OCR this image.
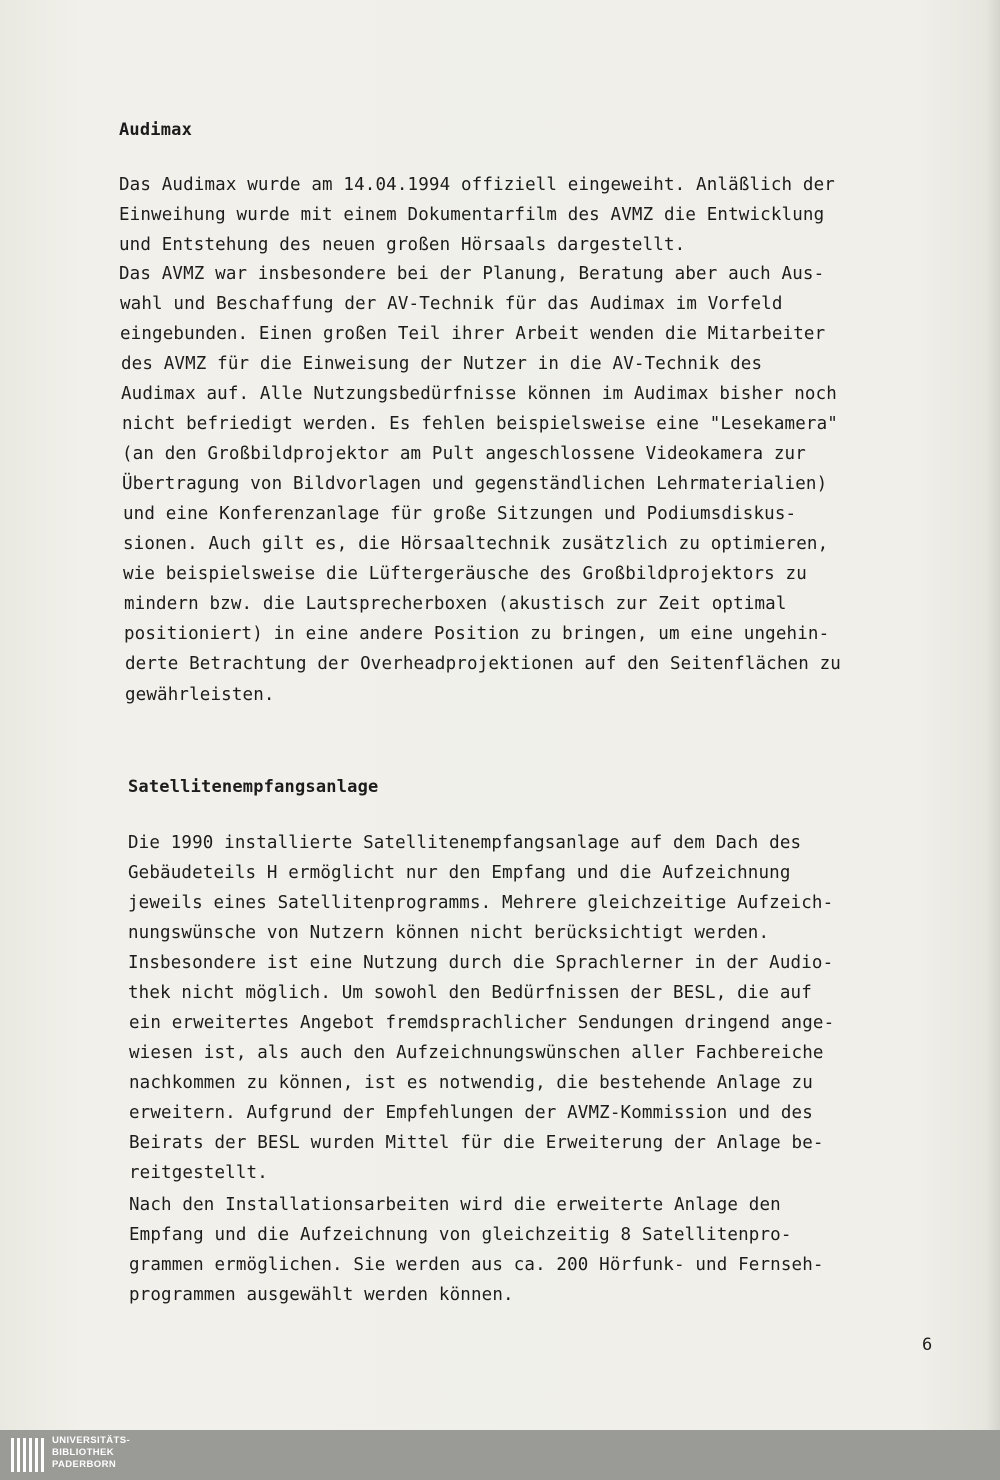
Audimax
Das Audimax wurde am 14.04.1994 offiziell eingeweiht. Anläßlich der
Einweihung wurde mit einem Dokumentarfilm des AVMZ die Entwicklung
und Entstehung des neuen großen Hörsaals dargestellt.
Das AVMZ war insbesondere bei der Planung, Beratung aber auch Aus-
wahl und Beschaffung der AV-Technik für das Audimax im Vorfeld
eingebunden. Einen großen Teil ihrer Arbeit wenden die Mitarbeiter
des AVMZ für die Einweisung der Nutzer in die AV-Technik des
Audimax auf. Alle Nutzungsbedürfnisse können im Audimax bisher noch
nicht befriedigt werden. Es fehlen beispielsweise eine "Lesekamera"
(an den Großbildprojektor am Pult angeschlossene Videokamera zur
Übertragung von Bildvorlagen und gegenständlichen Lehrmaterialien)
und eine Konferenzanlage für große Sitzungen und Podiumsdiskus-
sionen. Auch gilt es, die Hörsaaltechnik zusätzlich zu optimieren,
wie beispielsweise die Lüftergeräusche des Großbildprojektors zu
mindern bzw. die Lautsprecherboxen (akustisch zur Zeit optimal
positioniert) in eine andere Position zu bringen, um eine ungehin-
derte Betrachtung der Overheadprojektionen auf den Seitenflächen zu
gewährleisten.
Satellitenempfangsanlage
Die 1990 installierte Satellitenempfangsanlage auf dem Dach des
Gebäudeteils H ermöglicht nur den Empfang und die Aufzeichnung
jeweils eines Satellitenprogramms. Mehrere gleichzeitige Aufzeich-
nungswünsche von Nutzern können nicht berücksichtigt werden.
Insbesondere ist eine Nutzung durch die Sprachlerner in der Audio-
thek nicht möglich. Um sowohl den Bedürfnissen der BESL, die auf
ein erweitertes Angebot fremdsprachlicher Sendungen dringend ange-
wiesen ist, als auch den Aufzeichnungswünschen aller Fachbereiche
nachkommen zu können, ist es notwendig, die bestehende Anlage zu
erweitern. Aufgrund der Empfehlungen der AVMZ-Kommission und des
Beirats der BESL wurden Mittel für die Erweiterung der Anlage be-
reitgestellt.
Nach den Installationsarbeiten wird die erweiterte Anlage den
Empfang und die Aufzeichnung von gleichzeitig 8 Satellitenpro-
grammen ermöglichen. Sie werden aus ca. 200 Hörfunk- und Fernseh-
programmen ausgewählt werden können.
6
UNIVERSITÄTS-
BIBLIOTHEK
PADERBORN
